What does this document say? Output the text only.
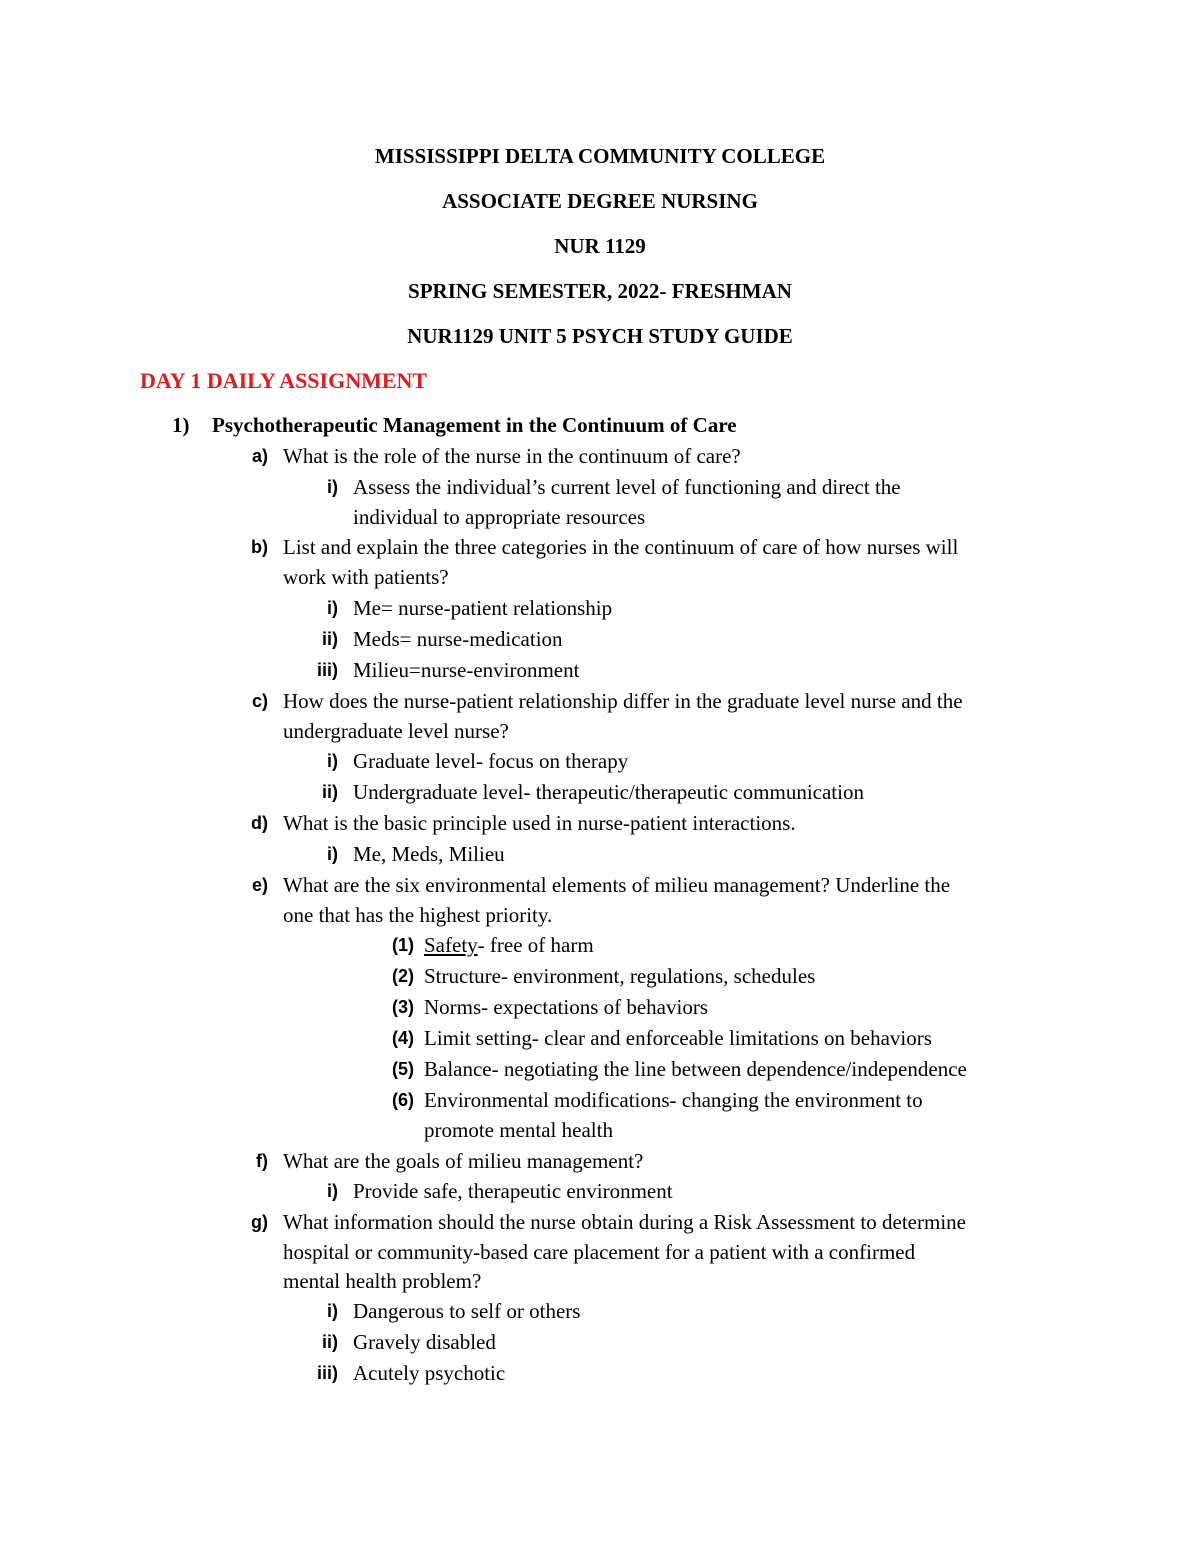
MISSISSIPPI DELTA COMMUNITY COLLEGE
ASSOCIATE DEGREE NURSING
NUR 1129
SPRING SEMESTER, 2022- FRESHMAN
NUR1129 UNIT 5 PSYCH STUDY GUIDE
DAY 1 DAILY ASSIGNMENT
1) Psychotherapeutic Management in the Continuum of Care
a) What is the role of the nurse in the continuum of care?
i) Assess the individual’s current level of functioning and direct the
individual to appropriate resources
b) List and explain the three categories in the continuum of care of how nurses will
work with patients?
i) Me= nurse-patient relationship
ii) Meds= nurse-medication
iii) Milieu=nurse-environment
c) How does the nurse-patient relationship differ in the graduate level nurse and the
undergraduate level nurse?
i) Graduate level- focus on therapy
ii) Undergraduate level- therapeutic/therapeutic communication
d) What is the basic principle used in nurse-patient interactions.
i) Me, Meds, Milieu
e) What are the six environmental elements of milieu management? Underline the
one that has the highest priority.
(1) Safety- free of harm
(2) Structure- environment, regulations, schedules
(3) Norms- expectations of behaviors
(4) Limit setting- clear and enforceable limitations on behaviors
(5) Balance- negotiating the line between dependence/independence
(6) Environmental modifications- changing the environment to
promote mental health
f) What are the goals of milieu management?
i) Provide safe, therapeutic environment
g) What information should the nurse obtain during a Risk Assessment to determine
hospital or community-based care placement for a patient with a confirmed
mental health problem?
i) Dangerous to self or others
ii) Gravely disabled
iii) Acutely psychotic
